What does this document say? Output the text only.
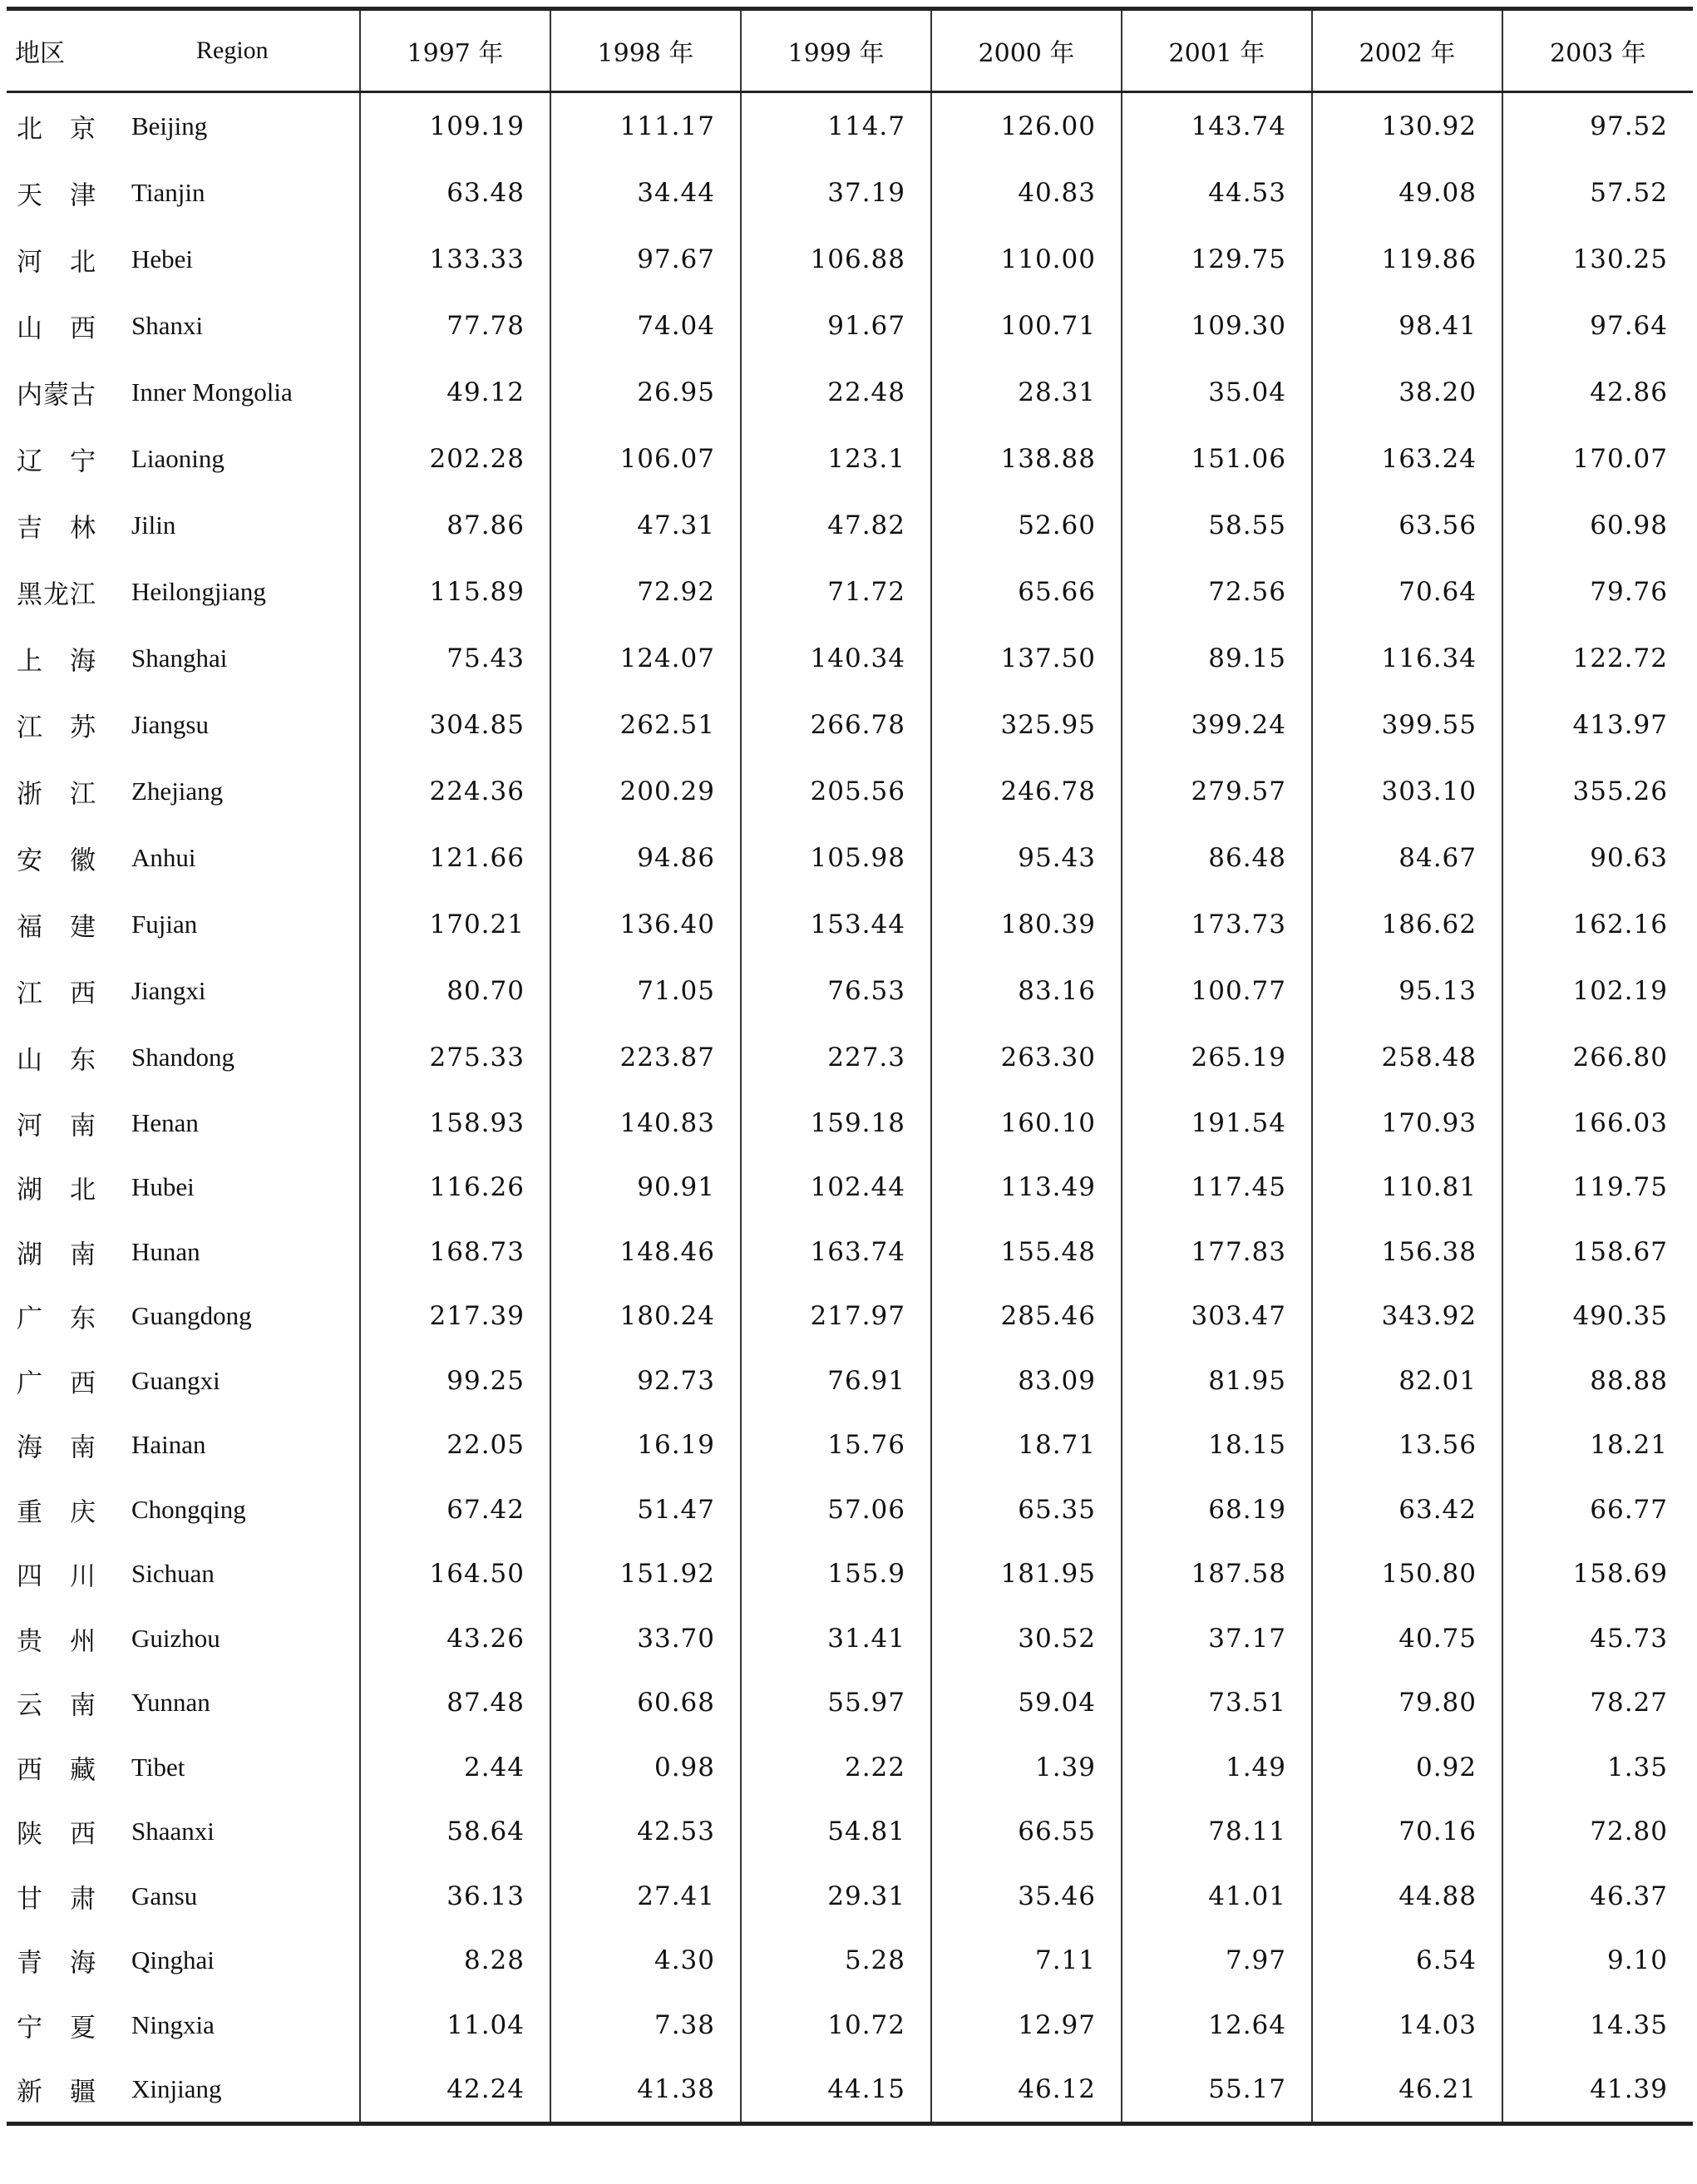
地区 Region	1997 年	1998 年	1999 年	2000 年	2001 年	2002 年	2003 年

北　京 Beijing	109.19	111.17	114.7	126.00	143.74	130.92	97.52

天　津 Tianjin	63.48	34.44	37.19	40.83	44.53	49.08	57.52

河　北 Hebei	133.33	97.67	106.88	110.00	129.75	119.86	130.25

山　西 Shanxi	77.78	74.04	91.67	100.71	109.30	98.41	97.64

内蒙古 Inner Mongolia	49.12	26.95	22.48	28.31	35.04	38.20	42.86

辽　宁 Liaoning	202.28	106.07	123.1	138.88	151.06	163.24	170.07

吉　林 Jilin	87.86	47.31	47.82	52.60	58.55	63.56	60.98

黑龙江 Heilongjiang	115.89	72.92	71.72	65.66	72.56	70.64	79.76

上　海 Shanghai	75.43	124.07	140.34	137.50	89.15	116.34	122.72

江　苏 Jiangsu	304.85	262.51	266.78	325.95	399.24	399.55	413.97

浙　江 Zhejiang	224.36	200.29	205.56	246.78	279.57	303.10	355.26

安　徽 Anhui	121.66	94.86	105.98	95.43	86.48	84.67	90.63

福　建 Fujian	170.21	136.40	153.44	180.39	173.73	186.62	162.16

江　西 Jiangxi	80.70	71.05	76.53	83.16	100.77	95.13	102.19

山　东 Shandong	275.33	223.87	227.3	263.30	265.19	258.48	266.80

河　南 Henan	158.93	140.83	159.18	160.10	191.54	170.93	166.03

湖　北 Hubei	116.26	90.91	102.44	113.49	117.45	110.81	119.75

湖　南 Hunan	168.73	148.46	163.74	155.48	177.83	156.38	158.67

广　东 Guangdong	217.39	180.24	217.97	285.46	303.47	343.92	490.35

广　西 Guangxi	99.25	92.73	76.91	83.09	81.95	82.01	88.88

海　南 Hainan	22.05	16.19	15.76	18.71	18.15	13.56	18.21

重　庆 Chongqing	67.42	51.47	57.06	65.35	68.19	63.42	66.77

四　川 Sichuan	164.50	151.92	155.9	181.95	187.58	150.80	158.69

贵　州 Guizhou	43.26	33.70	31.41	30.52	37.17	40.75	45.73

云　南 Yunnan	87.48	60.68	55.97	59.04	73.51	79.80	78.27

西　藏 Tibet	2.44	0.98	2.22	1.39	1.49	0.92	1.35

陕　西 Shaanxi	58.64	42.53	54.81	66.55	78.11	70.16	72.80

甘　肃 Gansu	36.13	27.41	29.31	35.46	41.01	44.88	46.37

青　海 Qinghai	8.28	4.30	5.28	7.11	7.97	6.54	9.10

宁　夏 Ningxia	11.04	7.38	10.72	12.97	12.64	14.03	14.35

新　疆 Xinjiang	42.24	41.38	44.15	46.12	55.17	46.21	41.39
